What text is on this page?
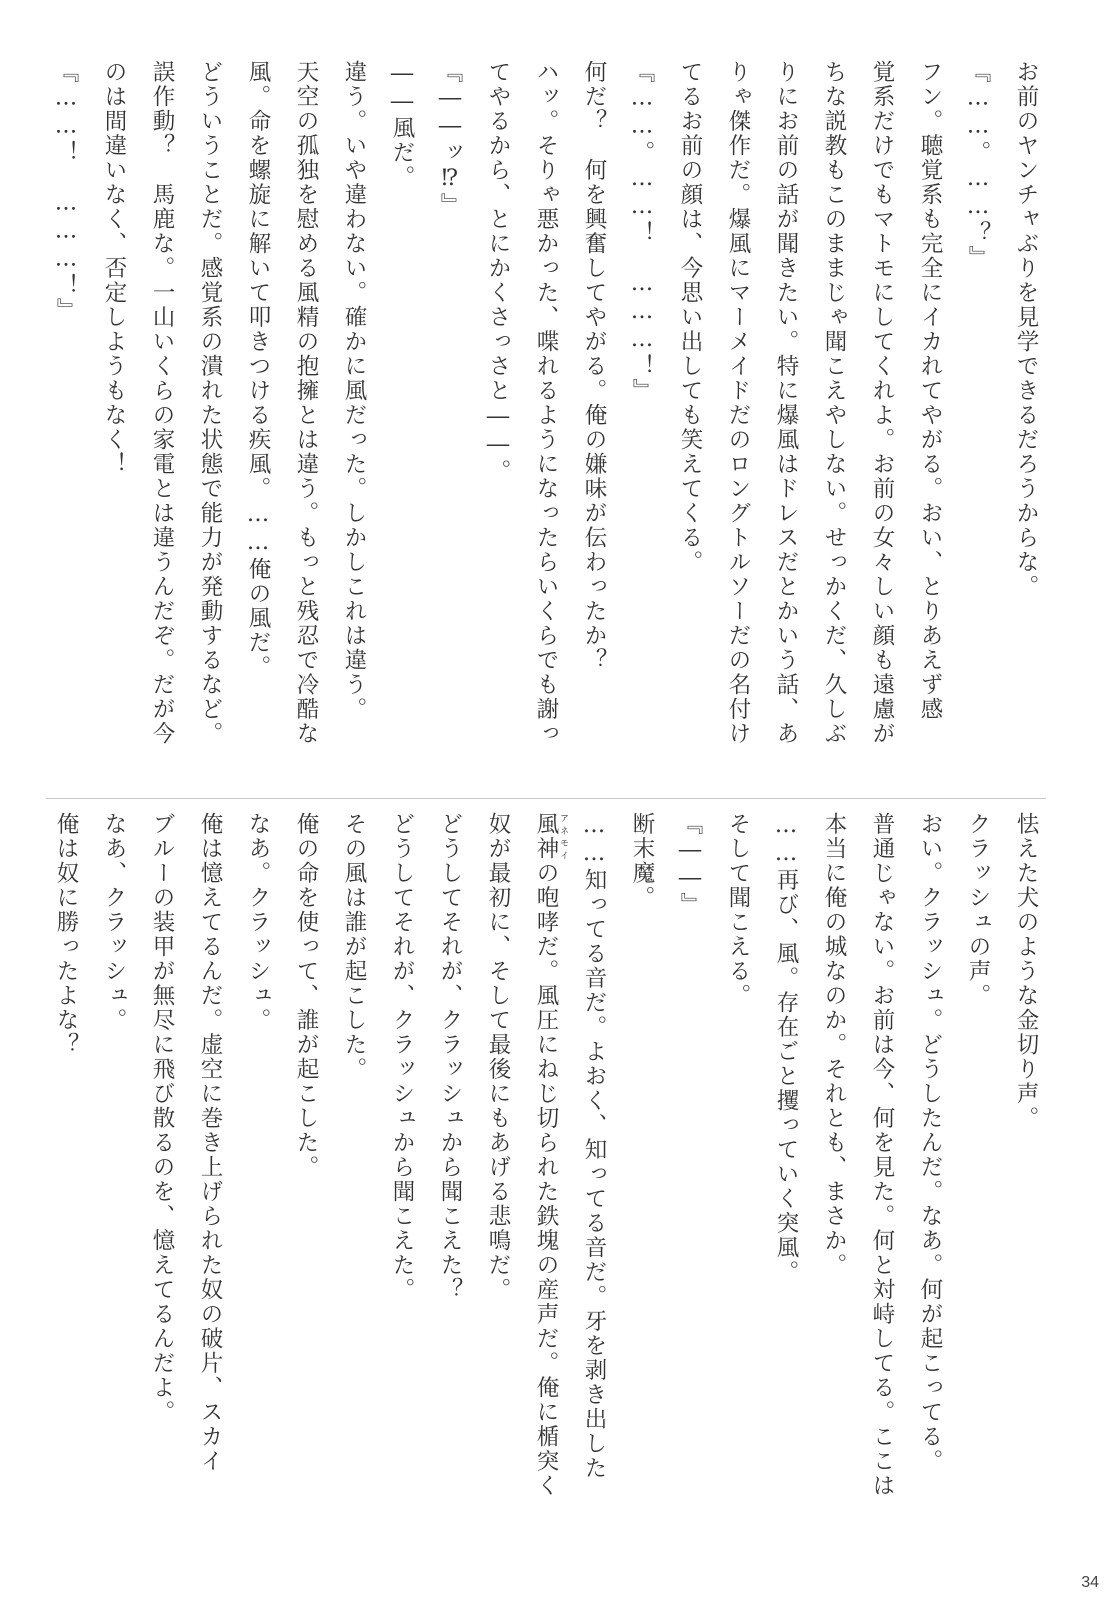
お前のヤンチャぶりを見学できるだろうからな。
『……。……？』
フン。聴覚系も完全にイカれてやがる。おい、とりあえず感
覚系だけでもマトモにしてくれよ。お前の女々しい顔も遠慮が
ちな説教もこのままじゃ聞こえやしない。せっかくだ、久しぶ
りにお前の話が聞きたい。特に爆風はドレスだとかいう話、あ
りゃ傑作だ。爆風にマーメイドだのロングトルソーだの名付け
てるお前の顔は、今思い出しても笑えてくる。
『……。……！　………！』
何だ？　何を興奮してやがる。俺の嫌味が伝わったか？
ハッ。そりゃ悪かった、喋れるようになったらいくらでも謝っ
てやるから、とにかくさっさと――。
『――ッ⁉』
――風だ。
違う。いや違わない。確かに風だった。しかしこれは違う。
天空の孤独を慰める風精の抱擁とは違う。もっと残忍で冷酷な
風。命を螺旋に解いて叩きつける疾風。……俺の風だ。
どういうことだ。感覚系の潰れた状態で能力が発動するなど。
誤作動？　馬鹿な。一山いくらの家電とは違うんだぞ。だが今
のは間違いなく、否定しようもなく！
『……！　………！』
怯えた犬のような金切り声。
クラッシュの声。
おい。クラッシュ。どうしたんだ。なあ。何が起こってる。
普通じゃない。お前は今、何を見た。何と対峙してる。ここは
本当に俺の城なのか。それとも、まさか。
……再び、風。存在ごと攫っていく突風。
そして聞こえる。
『――』
断末魔。
……知ってる音だ。よおく、知ってる音だ。牙を剥き出した
風神 アネモイの咆哮だ。風圧にねじ切られた鉄塊の産声だ。俺に楯突く
奴が最初に、そして最後にもあげる悲鳴だ。
どうしてそれが、クラッシュから聞こえた？
どうしてそれが、クラッシュから聞こえた。
その風は誰が起こした。
俺の命を使って、誰が起こした。
なあ。クラッシュ。
俺は憶えてるんだ。虚空に巻き上げられた奴の破片、スカイ
ブルーの装甲が無尽に飛び散るのを、憶えてるんだよ。
なあ、クラッシュ。
俺は奴に勝ったよな？
34
